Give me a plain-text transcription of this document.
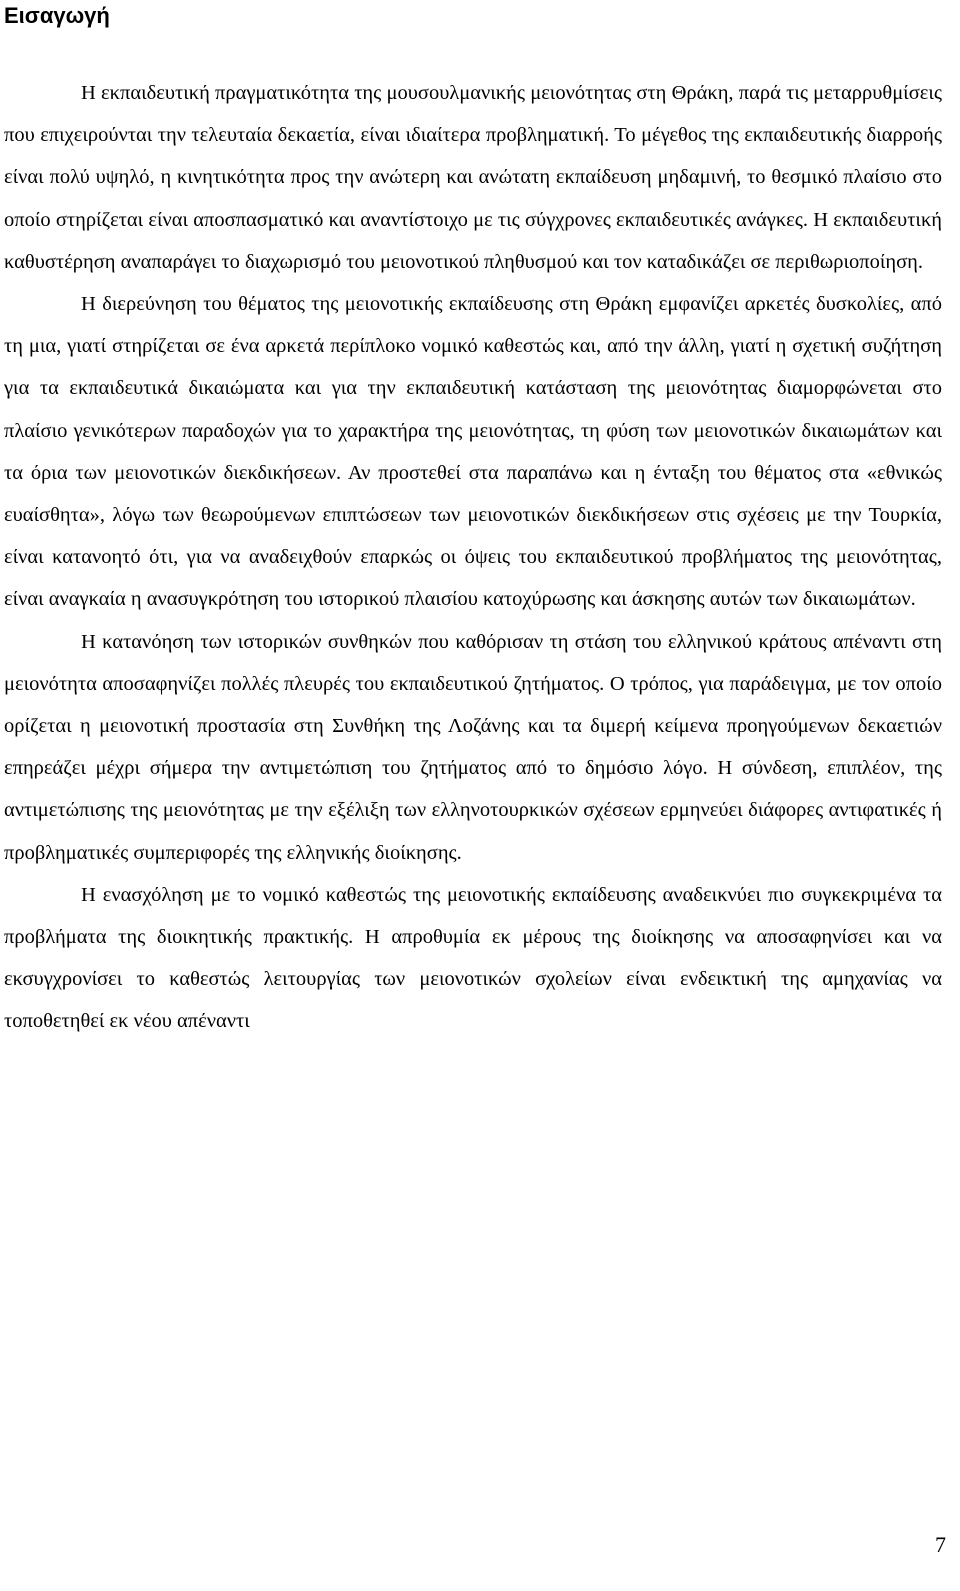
Εισαγωγή

Η εκπαιδευτική πραγματικότητα της μουσουλμανικής μειονότητας στη Θράκη, παρά τις μεταρρυθμίσεις που επιχειρούνται την τελευταία δεκαετία, είναι ιδιαίτερα προβληματική. Το μέγεθος της εκπαιδευτικής διαρροής είναι πολύ υψηλό, η κινητικότητα προς την ανώτερη και ανώτατη εκπαίδευση μηδαμινή, το θεσμικό πλαίσιο στο οποίο στηρίζεται είναι αποσπασματικό και αναντίστοιχο με τις σύγχρονες εκπαιδευτικές ανάγκες. Η εκπαιδευτική καθυστέρηση αναπαράγει το διαχωρισμό του μειονοτικού πληθυσμού και τον καταδικάζει σε περιθωριοποίηση.

Η διερεύνηση του θέματος της μειονοτικής εκπαίδευσης στη Θράκη εμφανίζει αρκετές δυσκολίες, από τη μια, γιατί στηρίζεται σε ένα αρκετά περίπλοκο νομικό καθεστώς και, από την άλλη, γιατί η σχετική συζήτηση για τα εκπαιδευτικά δικαιώματα και για την εκπαιδευτική κατάσταση της μειονότητας διαμορφώνεται στο πλαίσιο γενικότερων παραδοχών για το χαρακτήρα της μειονότητας, τη φύση των μειονοτικών δικαιωμάτων και τα όρια των μειονοτικών διεκδικήσεων. Αν προστεθεί στα παραπάνω και η ένταξη του θέματος στα «εθνικώς ευαίσθητα», λόγω των θεωρούμενων επιπτώσεων των μειονοτικών διεκδικήσεων στις σχέσεις με την Τουρκία, είναι κατανοητό ότι, για να αναδειχθούν επαρκώς οι όψεις του εκπαιδευτικού προβλήματος της μειονότητας, είναι αναγκαία η ανασυγκρότηση του ιστορικού πλαισίου κατοχύρωσης και άσκησης αυτών των δικαιωμάτων.

Η κατανόηση των ιστορικών συνθηκών που καθόρισαν τη στάση του ελληνικού κράτους απέναντι στη μειονότητα αποσαφηνίζει πολλές πλευρές του εκπαιδευτικού ζητήματος. Ο τρόπος, για παράδειγμα, με τον οποίο ορίζεται η μειονοτική προστασία στη Συνθήκη της Λοζάνης και τα διμερή κείμενα προηγούμενων δεκαετιών επηρεάζει μέχρι σήμερα την αντιμετώπιση του ζητήματος από το δημόσιο λόγο. Η σύνδεση, επιπλέον, της αντιμετώπισης της μειονότητας με την εξέλιξη των ελληνοτουρκικών σχέσεων ερμηνεύει διάφορες αντιφατικές ή προβληματικές συμπεριφορές της ελληνικής διοίκησης.

Η ενασχόληση με το νομικό καθεστώς της μειονοτικής εκπαίδευσης αναδεικνύει πιο συγκεκριμένα τα προβλήματα της διοικητικής πρακτικής. Η απροθυμία εκ μέρους της διοίκησης να αποσαφηνίσει και να εκσυγχρονίσει το καθεστώς λειτουργίας των μειονοτικών σχολείων είναι ενδεικτική της αμηχανίας να τοποθετηθεί εκ νέου απέναντι

7
